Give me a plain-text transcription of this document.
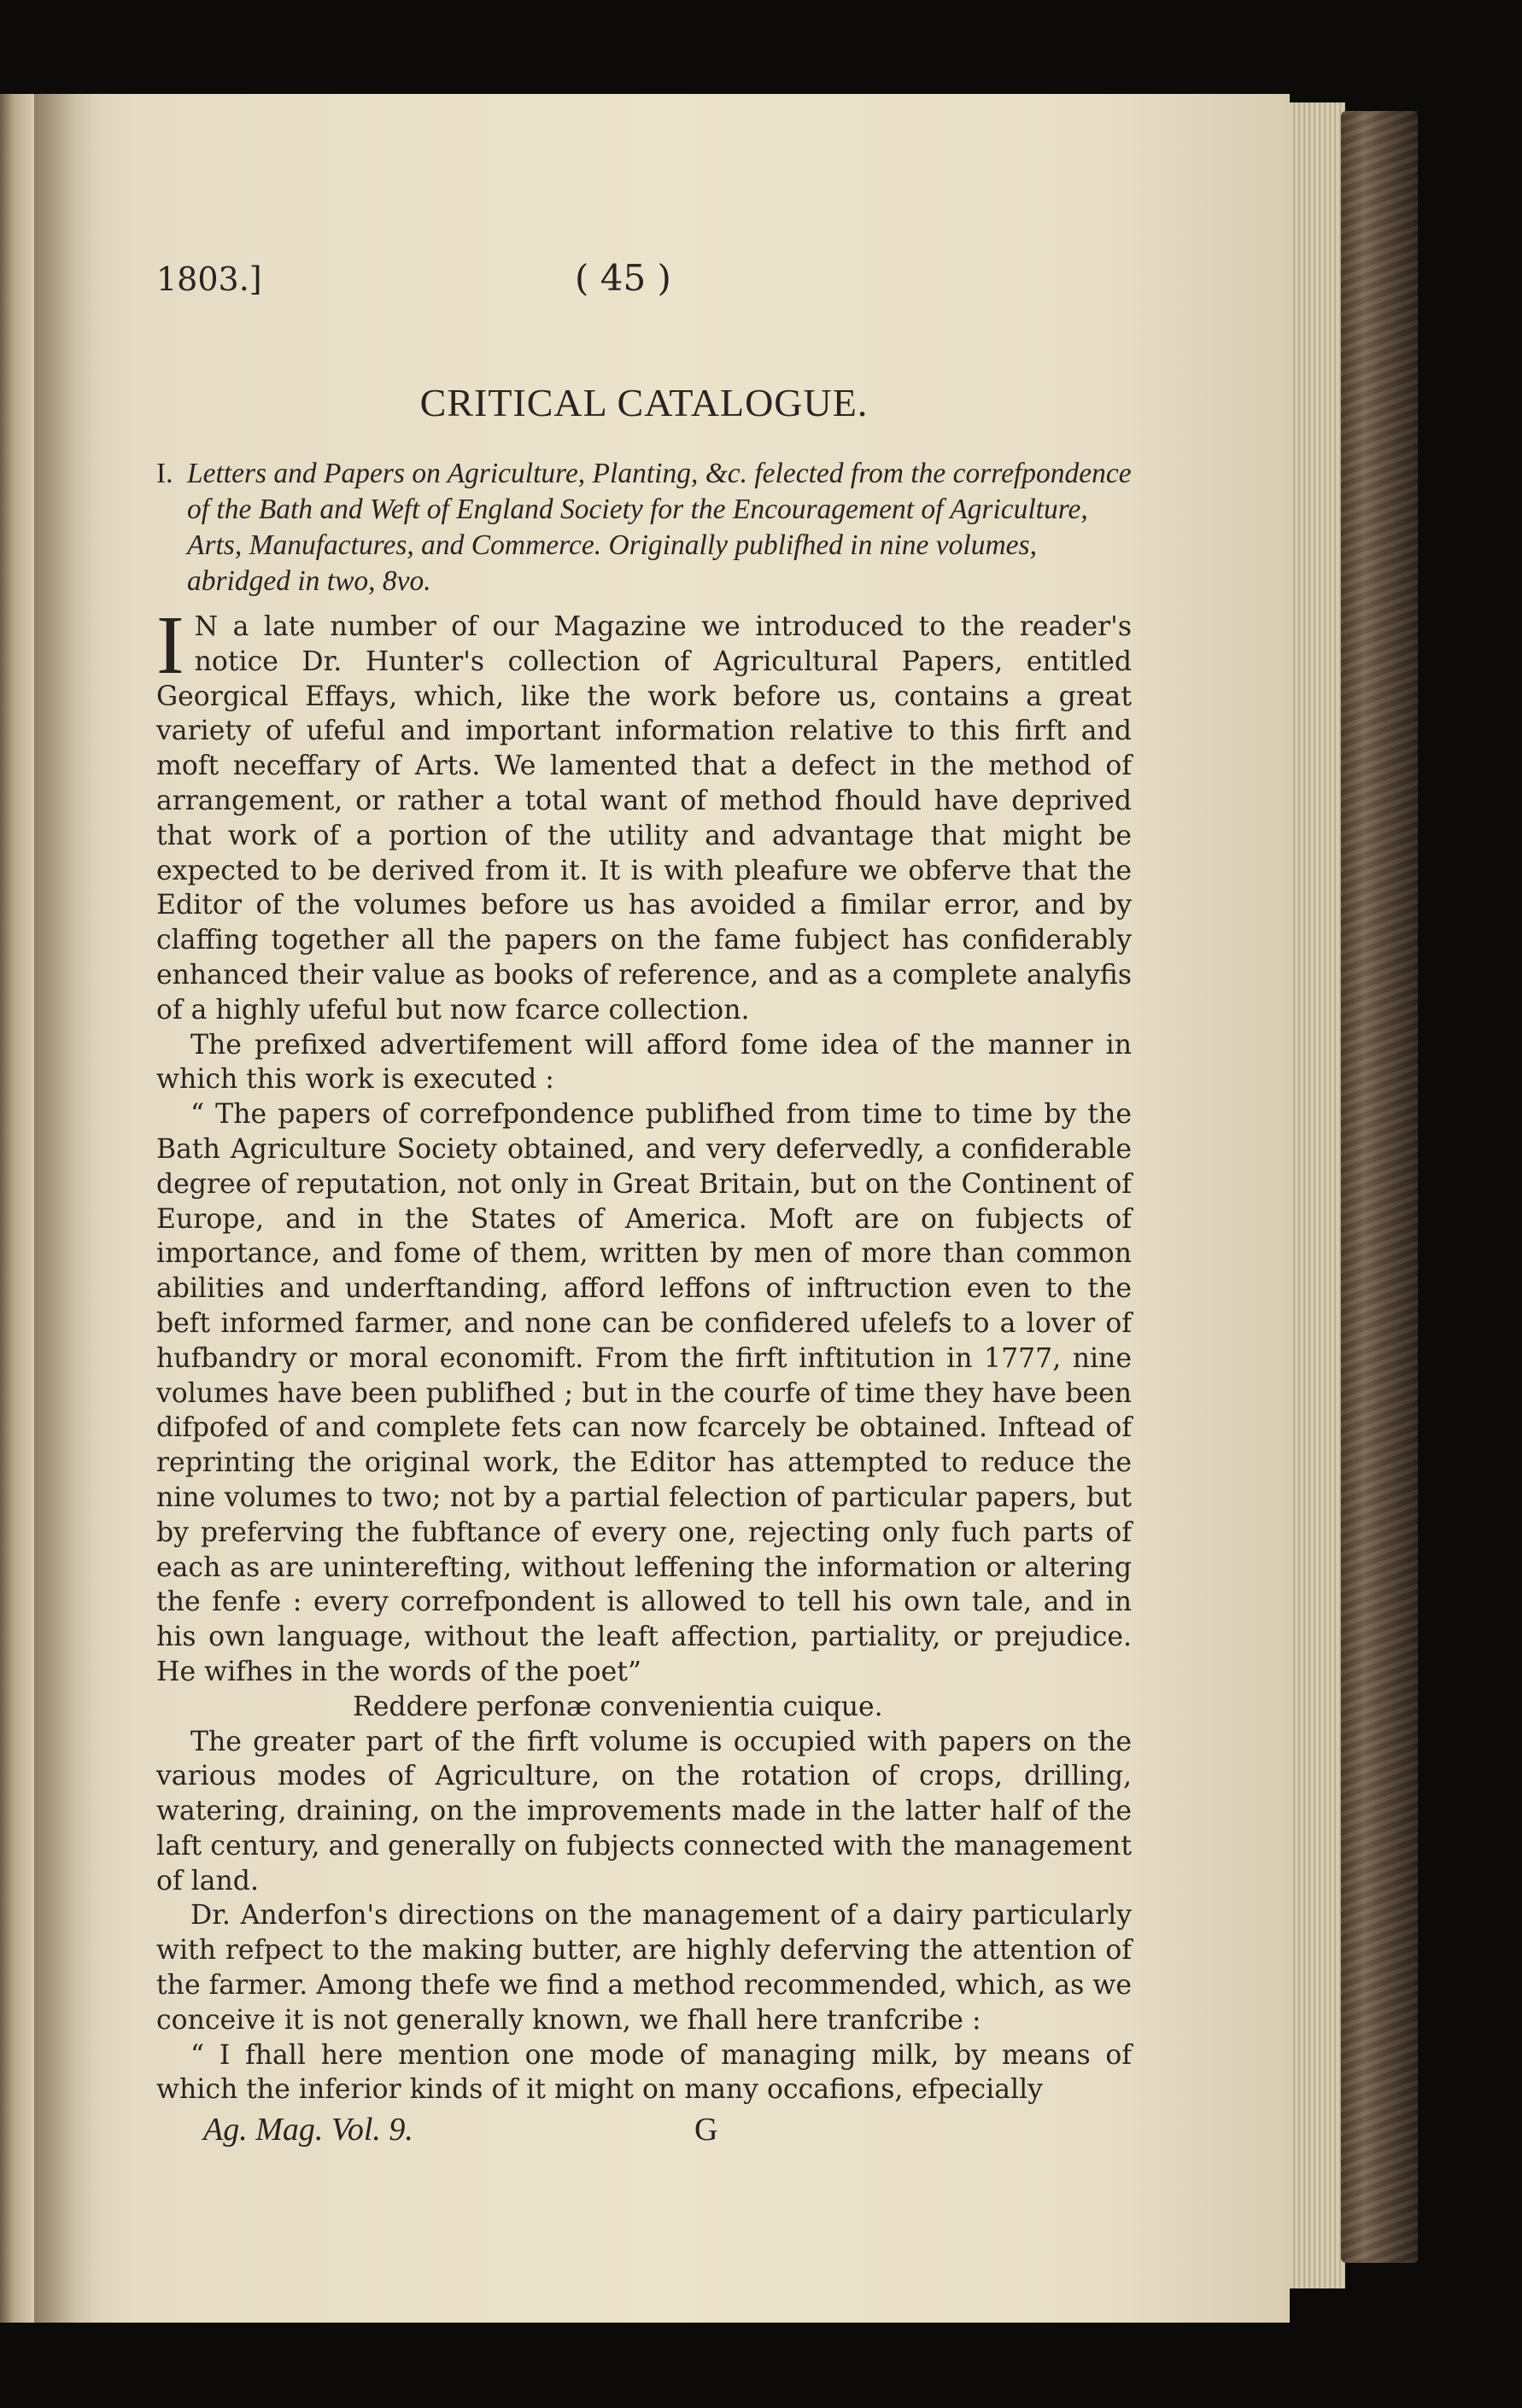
1803.]	( 45 )
CRITICAL CATALOGUE.
I. Letters and Papers on Agriculture, Planting, &c. felected from the correfpondence of the Bath and Weft of England Society for the Encouragement of Agriculture, Arts, Manufactures, and Commerce. Originally publifhed in nine volumes, abridged in two, 8vo.

I N a late number of our Magazine we introduced to the reader's notice Dr. Hunter's collection of Agricultural Papers, entitled Georgical Effays, which, like the work before us, contains a great variety of ufeful and important information relative to this firft and moft neceffary of Arts. We lamented that a defect in the method of arrangement, or rather a total want of method fhould have deprived that work of a portion of the utility and advantage that might be expected to be derived from it. It is with pleafure we obferve that the Editor of the volumes before us has avoided a fimilar error, and by claffing together all the papers on the fame fubject has confiderably enhanced their value as books of reference, and as a complete analyfis of a highly ufeful but now fcarce collection.

The prefixed advertifement will afford fome idea of the manner in which this work is executed :

“ The papers of correfpondence publifhed from time to time by the Bath Agriculture Society obtained, and very defervedly, a confiderable degree of reputation, not only in Great Britain, but on the Continent of Europe, and in the States of America. Moft are on fubjects of importance, and fome of them, written by men of more than common abilities and underftanding, afford leffons of inftruction even to the beft informed farmer, and none can be confidered ufelefs to a lover of hufbandry or moral economift. From the firft inftitution in 1777, nine volumes have been publifhed ; but in the courfe of time they have been difpofed of and complete fets can now fcarcely be obtained. Inftead of reprinting the original work, the Editor has attempted to reduce the nine volumes to two; not by a partial felection of particular papers, but by preferving the fubftance of every one, rejecting only fuch parts of each as are uninterefting, without leffening the information or altering the fenfe : every correfpondent is allowed to tell his own tale, and in his own language, without the leaft affection, partiality, or prejudice. He wifhes in the words of the poet”

Reddere perfonæ convenientia cuique.

The greater part of the firft volume is occupied with papers on the various modes of Agriculture, on the rotation of crops, drilling, watering, draining, on the improvements made in the latter half of the laft century, and generally on fubjects connected with the management of land.

Dr. Anderfon's directions on the management of a dairy particularly with refpect to the making butter, are highly deferving the attention of the farmer. Among thefe we find a method recommended, which, as we conceive it is not generally known, we fhall here tranfcribe :

“ I fhall here mention one mode of managing milk, by means of which the inferior kinds of it might on many occafions, efpecially

Ag. Mag. Vol. 9.	G
